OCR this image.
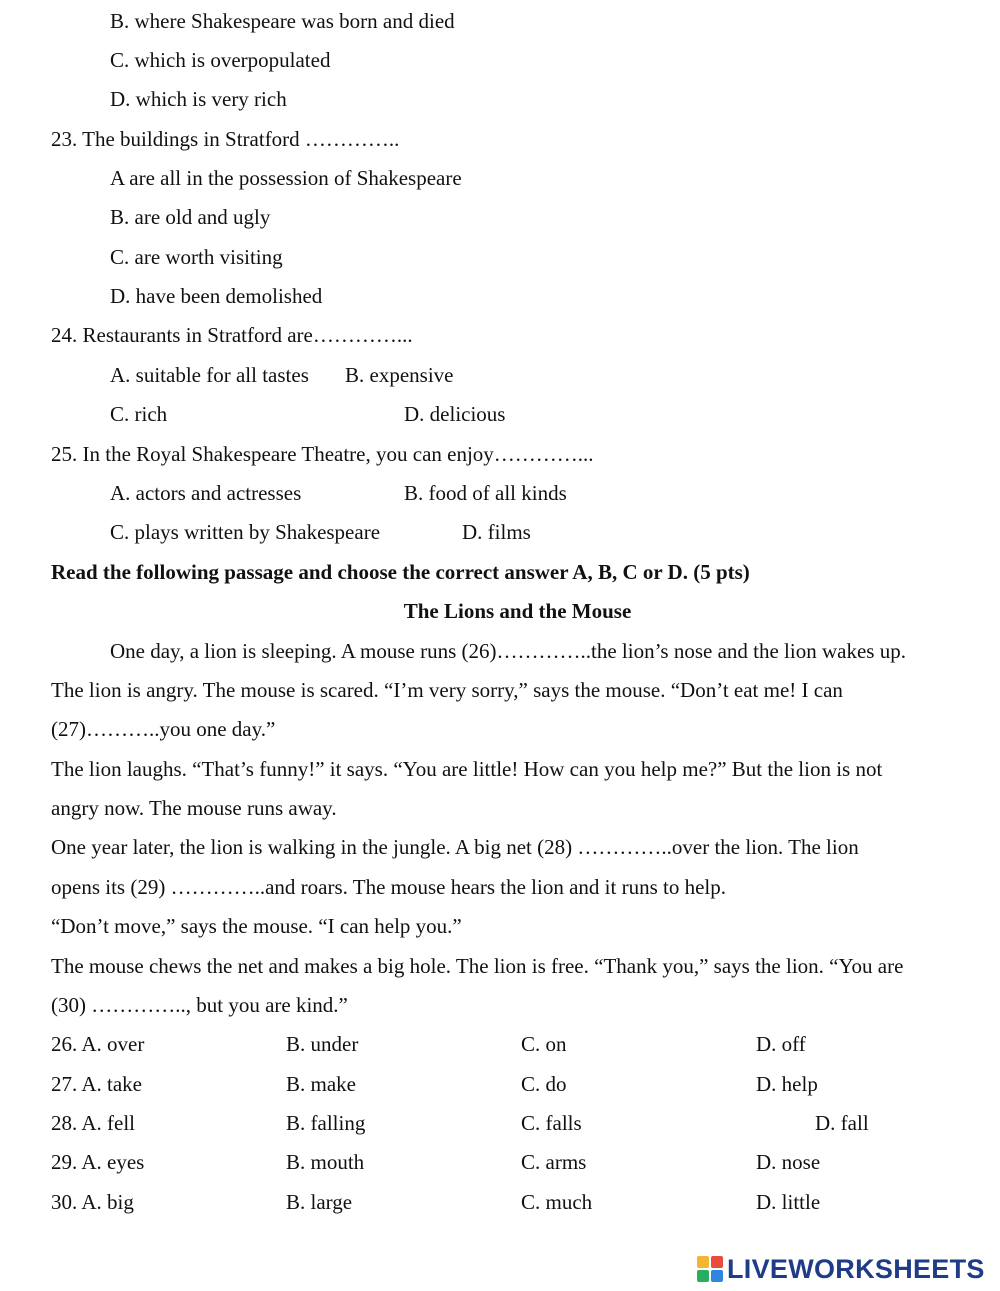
B. where Shakespeare was born and died
C. which is overpopulated
D. which is very rich
23. The buildings in Stratford …………..
A are all in the possession of Shakespeare
B. are old and ugly
C. are worth visiting
D. have been demolished
24. Restaurants in Stratford are…………...
A. suitable for all tastes B. expensive
C. rich	D. delicious
25. In the Royal Shakespeare Theatre, you can enjoy…………...
A. actors and actresses	B. food of all kinds
C. plays written by Shakespeare	D. films
Read the following passage and choose the correct answer A, B, C or D. (5 pts)
The Lions and the Mouse
One day, a lion is sleeping. A mouse runs (26)…………..the lion’s nose and the lion wakes up.
The lion is angry. The mouse is scared. “I’m very sorry,” says the mouse. “Don’t eat me! I can
(27)………..you one day.”
The lion laughs. “That’s funny!” it says. “You are little! How can you help me?” But the lion is not
angry now. The mouse runs away.
One year later, the lion is walking in the jungle. A big net (28) …………..over the lion. The lion
opens its (29) …………..and roars. The mouse hears the lion and it runs to help.
“Don’t move,” says the mouse. “I can help you.”
The mouse chews the net and makes a big hole. The lion is free. “Thank you,” says the lion. “You are
(30) ………….., but you are kind.”
26. A. over	B. under	C. on	D. off
27. A. take	B. make	C. do	D. help
28. A. fell	B. falling	C. falls	D. fall
29. A. eyes	B. mouth	C. arms	D. nose
30. A. big	B. large	C. much	D. little
LIVEWORKSHEETS
